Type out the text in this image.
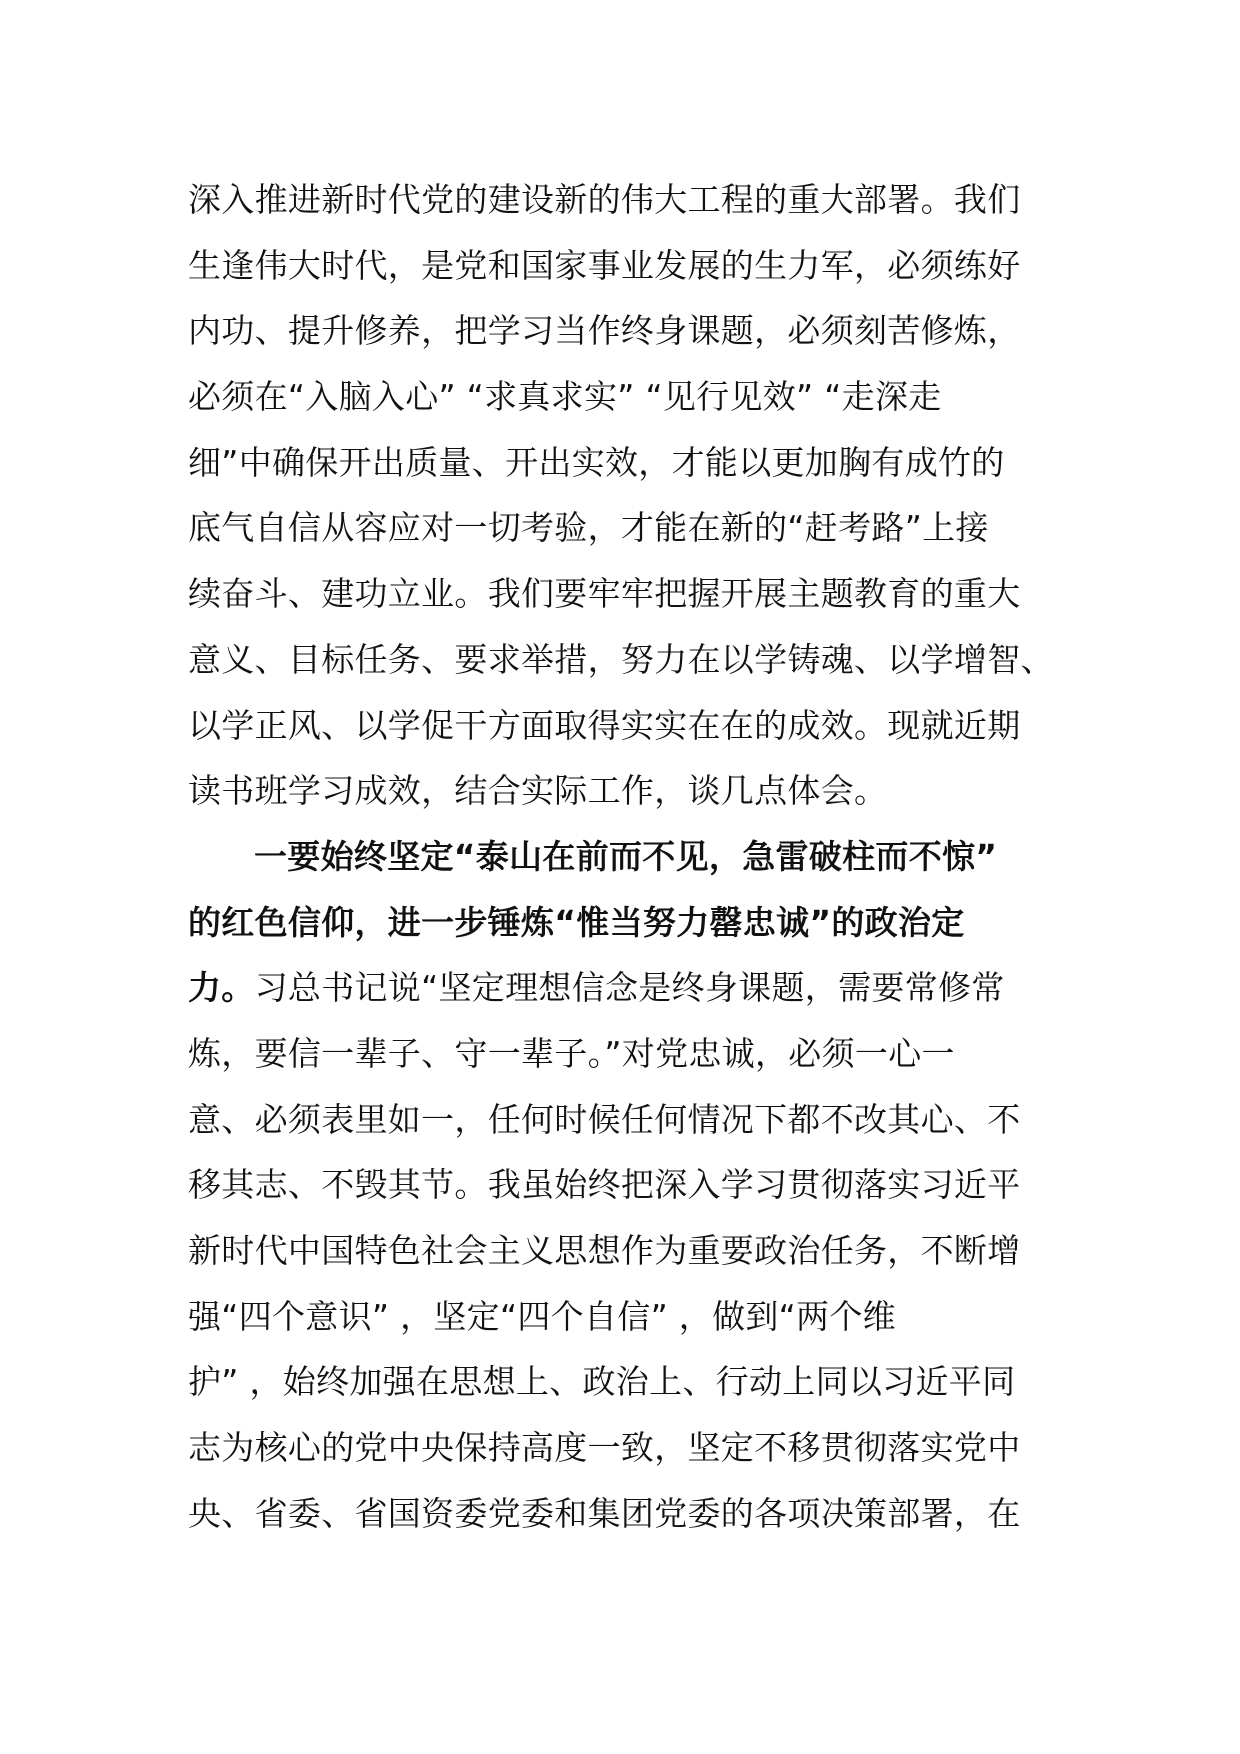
深入推进新时代党的建设新的伟大工程的重大部署。我们
生逢伟大时代，是党和国家事业发展的生力军，必须练好
内功、提升修养，把学习当作终身课题，必须刻苦修炼，
必须在“入脑入心” “求真求实” “见行见效” “走深走
细”中确保开出质量、开出实效，才能以更加胸有成竹的
底气自信从容应对一切考验，才能在新的“赶考路”上接
续奋斗、建功立业。我们要牢牢把握开展主题教育的重大
意义、目标任务、要求举措，努力在以学铸魂、以学增智、
以学正风、以学促干方面取得实实在在的成效。现就近期
读书班学习成效，结合实际工作，谈几点体会。
一要始终坚定“泰山在前而不见，急雷破柱而不惊”
的红色信仰，进一步锤炼“惟当努力罄忠诚”的政治定
力。习总书记说“坚定理想信念是终身课题，需要常修常
炼，要信一辈子、守一辈子。”对党忠诚，必须一心一
意、必须表里如一，任何时候任何情况下都不改其心、不
移其志、不毁其节。我虽始终把深入学习贯彻落实习近平
新时代中国特色社会主义思想作为重要政治任务，不断增
强“四个意识” ，坚定“四个自信” ，做到“两个维
护” ，始终加强在思想上、政治上、行动上同以习近平同
志为核心的党中央保持高度一致，坚定不移贯彻落实党中
央、省委、省国资委党委和集团党委的各项决策部署，在
